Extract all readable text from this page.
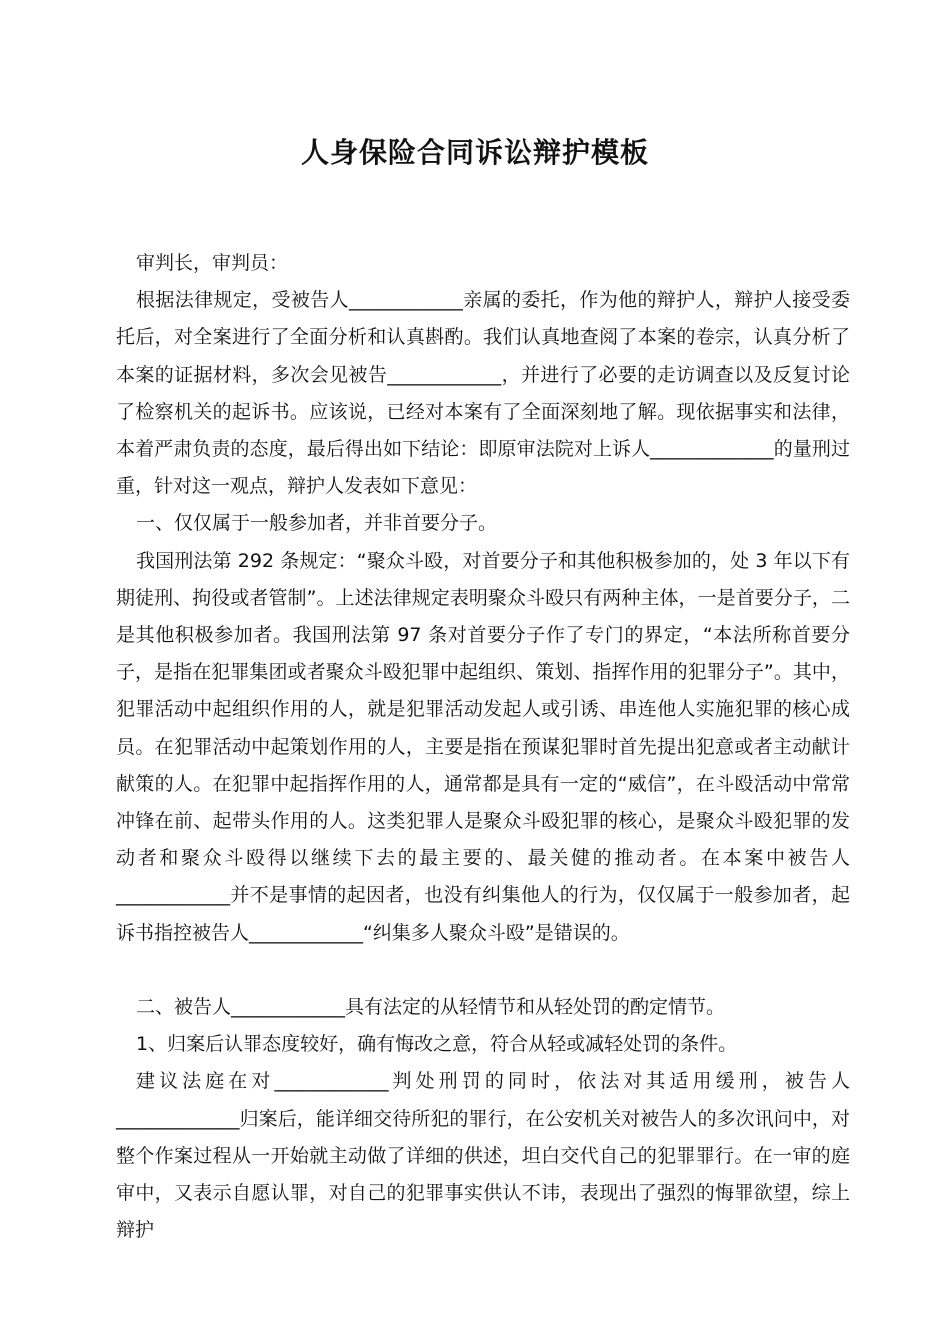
人身保险合同诉讼辩护模板

审判长，审判员：

根据法律规定，受被告人____________亲属的委托，作为他的辩护人，辩护人接受委托后，对全案进行了全面分析和认真斟酌。我们认真地查阅了本案的卷宗，认真分析了本案的证据材料，多次会见被告____________，并进行了必要的走访调查以及反复讨论了检察机关的起诉书。应该说，已经对本案有了全面深刻地了解。现依据事实和法律，本着严肃负责的态度，最后得出如下结论：即原审法院对上诉人_____________的量刑过重，针对这一观点，辩护人发表如下意见：

一、仅仅属于一般参加者，并非首要分子。

我国刑法第 292 条规定：“聚众斗殴，对首要分子和其他积极参加的，处 3 年以下有期徒刑、拘役或者管制”。上述法律规定表明聚众斗殴只有两种主体，一是首要分子，二是其他积极参加者。我国刑法第 97 条对首要分子作了专门的界定，“本法所称首要分子，是指在犯罪集团或者聚众斗殴犯罪中起组织、策划、指挥作用的犯罪分子”。其中，犯罪活动中起组织作用的人，就是犯罪活动发起人或引诱、串连他人实施犯罪的核心成员。在犯罪活动中起策划作用的人，主要是指在预谋犯罪时首先提出犯意或者主动献计献策的人。在犯罪中起指挥作用的人，通常都是具有一定的“威信”，在斗殴活动中常常冲锋在前、起带头作用的人。这类犯罪人是聚众斗殴犯罪的核心，是聚众斗殴犯罪的发动者和聚众斗殴得以继续下去的最主要的、最关健的推动者。在本案中被告人____________并不是事情的起因者，也没有纠集他人的行为，仅仅属于一般参加者，起诉书指控被告人____________“纠集多人聚众斗殴”是错误的。

二、被告人____________具有法定的从轻情节和从轻处罚的酌定情节。

1、归案后认罪态度较好，确有悔改之意，符合从轻或减轻处罚的条件。

建议法庭在对____________判处刑罚的同时，依法对其适用缓刑，被告人_____________归案后，能详细交待所犯的罪行，在公安机关对被告人的多次讯问中，对整个作案过程从一开始就主动做了详细的供述，坦白交代自己的犯罪罪行。在一审的庭审中，又表示自愿认罪，对自己的犯罪事实供认不讳，表现出了强烈的悔罪欲望，综上辩护
